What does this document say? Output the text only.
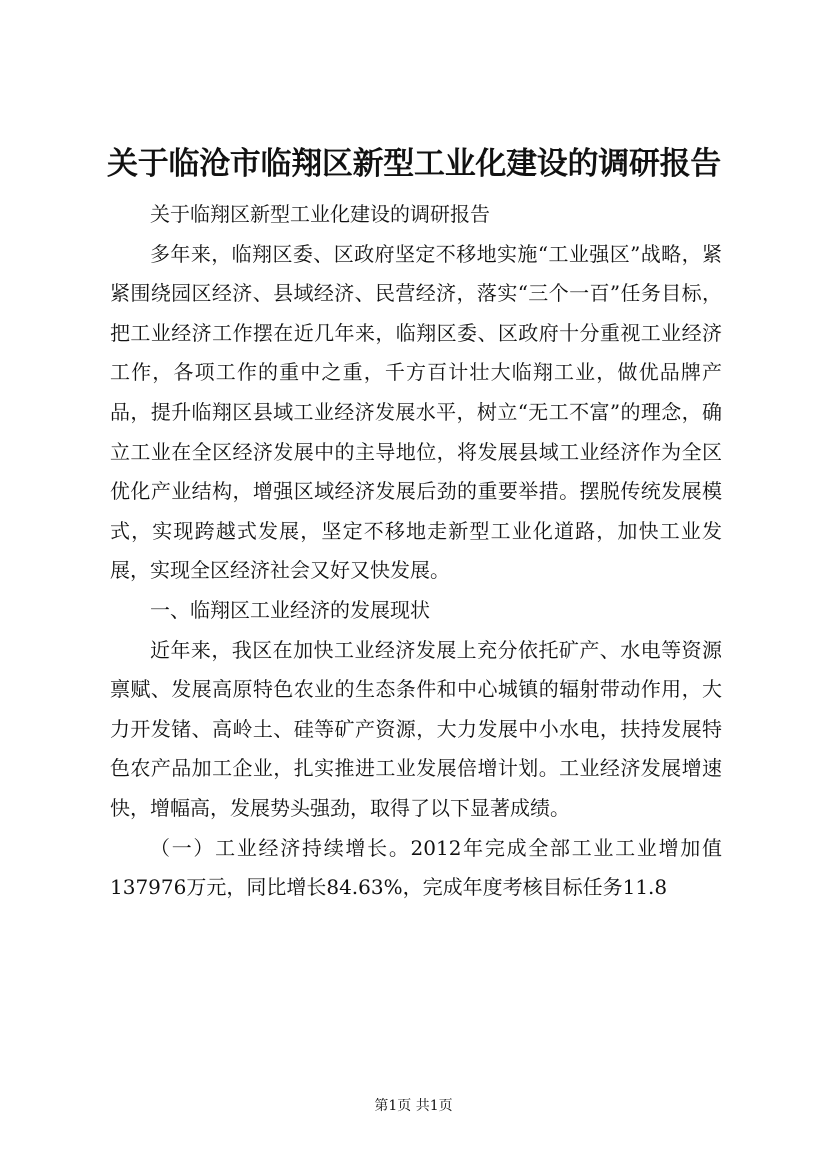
关于临沧市临翔区新型工业化建设的调研报告

关于临翔区新型工业化建设的调研报告

多年来，临翔区委、区政府坚定不移地实施“工业强区”战略，紧紧围绕园区经济、县域经济、民营经济，落实“三个一百”任务目标，把工业经济工作摆在近几年来，临翔区委、区政府十分重视工业经济工作，各项工作的重中之重，千方百计壮大临翔工业，做优品牌产品，提升临翔区县域工业经济发展水平，树立“无工不富”的理念，确立工业在全区经济发展中的主导地位，将发展县域工业经济作为全区优化产业结构，增强区域经济发展后劲的重要举措。摆脱传统发展模式，实现跨越式发展，坚定不移地走新型工业化道路，加快工业发展，实现全区经济社会又好又快发展。

一、临翔区工业经济的发展现状

近年来，我区在加快工业经济发展上充分依托矿产、水电等资源禀赋、发展高原特色农业的生态条件和中心城镇的辐射带动作用，大力开发锗、高岭土、硅等矿产资源，大力发展中小水电，扶持发展特色农产品加工企业，扎实推进工业发展倍增计划。工业经济发展增速快，增幅高，发展势头强劲，取得了以下显著成绩。

（一）工业经济持续增长。2012年完成全部工业工业增加值137976万元，同比增长84.63%，完成年度考核目标任务11.8

第1页 共1页
